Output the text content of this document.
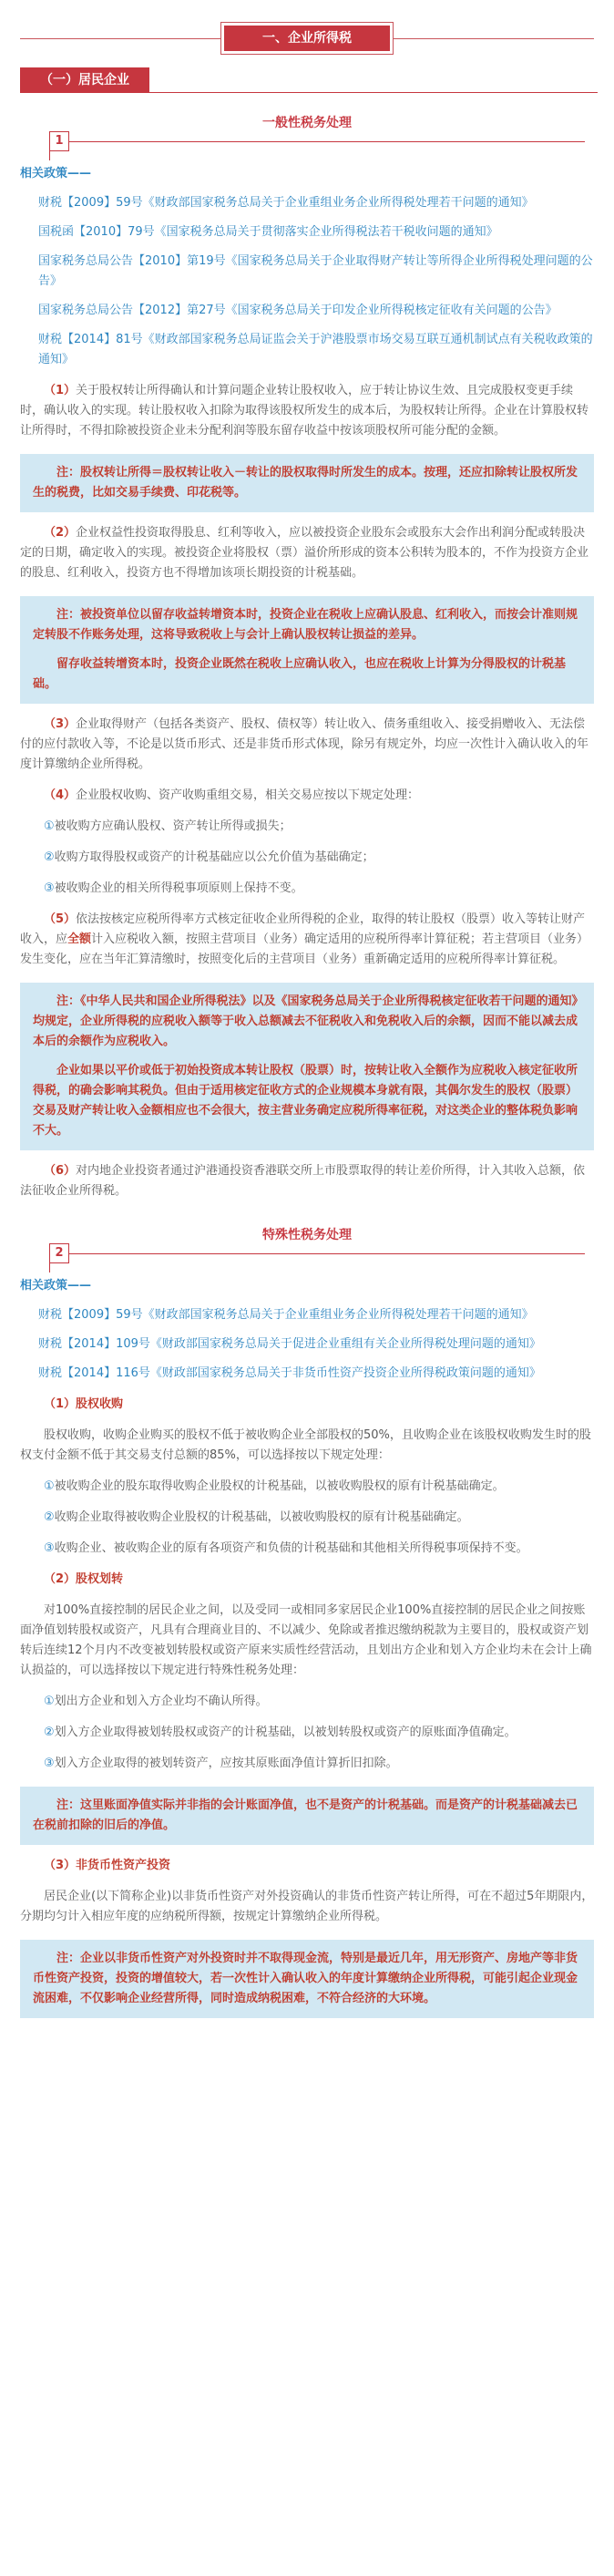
一、企业所得税
（一）居民企业
一般性税务处理
1
相关政策——
财税【2009】59号《财政部国家税务总局关于企业重组业务企业所得税处理若干问题的通知》
国税函【2010】79号《国家税务总局关于贯彻落实企业所得税法若干税收问题的通知》
国家税务总局公告【2010】第19号《国家税务总局关于企业取得财产转让等所得企业所得税处理问题的公告》
国家税务总局公告【2012】第27号《国家税务总局关于印发企业所得税核定征收有关问题的公告》
财税【2014】81号《财政部国家税务总局证监会关于沪港股票市场交易互联互通机制试点有关税收政策的通知》

（1）关于股权转让所得确认和计算问题企业转让股权收入，应于转让协议生效、且完成股权变更手续时，确认收入的实现。转让股权收入扣除为取得该股权所发生的成本后，为股权转让所得。企业在计算股权转让所得时，不得扣除被投资企业未分配利润等股东留存收益中按该项股权所可能分配的金额。

注：股权转让所得＝股权转让收入－转让的股权取得时所发生的成本。按理，还应扣除转让股权所发生的税费，比如交易手续费、印花税等。

（2）企业权益性投资取得股息、红利等收入，应以被投资企业股东会或股东大会作出利润分配或转股决定的日期，确定收入的实现。被投资企业将股权（票）溢价所形成的资本公积转为股本的，不作为投资方企业的股息、红利收入，投资方也不得增加该项长期投资的计税基础。

注：被投资单位以留存收益转增资本时，投资企业在税收上应确认股息、红利收入，而按会计准则规定转股不作账务处理，这将导致税收上与会计上确认股权转让损益的差异。

留存收益转增资本时，投资企业既然在税收上应确认收入，也应在税收上计算为分得股权的计税基础。

（3）企业取得财产（包括各类资产、股权、债权等）转让收入、债务重组收入、接受捐赠收入、无法偿付的应付款收入等，不论是以货币形式、还是非货币形式体现，除另有规定外，均应一次性计入确认收入的年度计算缴纳企业所得税。

（4）企业股权收购、资产收购重组交易，相关交易应按以下规定处理：

①被收购方应确认股权、资产转让所得或损失；

②收购方取得股权或资产的计税基础应以公允价值为基础确定；

③被收购企业的相关所得税事项原则上保持不变。

（5）依法按核定应税所得率方式核定征收企业所得税的企业，取得的转让股权（股票）收入等转让财产收入，应全额计入应税收入额，按照主营项目（业务）确定适用的应税所得率计算征税；若主营项目（业务）发生变化，应在当年汇算清缴时，按照变化后的主营项目（业务）重新确定适用的应税所得率计算征税。

注：《中华人民共和国企业所得税法》以及《国家税务总局关于企业所得税核定征收若干问题的通知》均规定，企业所得税的应税收入额等于收入总额减去不征税收入和免税收入后的余额，因而不能以减去成本后的余额作为应税收入。

企业如果以平价或低于初始投资成本转让股权（股票）时，按转让收入全额作为应税收入核定征收所得税，的确会影响其税负。但由于适用核定征收方式的企业规模本身就有限，其偶尔发生的股权（股票）交易及财产转让收入金额相应也不会很大，按主营业务确定应税所得率征税，对这类企业的整体税负影响不大。

（6）对内地企业投资者通过沪港通投资香港联交所上市股票取得的转让差价所得，计入其收入总额，依法征收企业所得税。

特殊性税务处理
2
相关政策——
财税【2009】59号《财政部国家税务总局关于企业重组业务企业所得税处理若干问题的通知》
财税【2014】109号《财政部国家税务总局关于促进企业重组有关企业所得税处理问题的通知》
财税【2014】116号《财政部国家税务总局关于非货币性资产投资企业所得税政策问题的通知》

（1）股权收购

股权收购，收购企业购买的股权不低于被收购企业全部股权的50%，且收购企业在该股权收购发生时的股权支付金额不低于其交易支付总额的85%，可以选择按以下规定处理：

①被收购企业的股东取得收购企业股权的计税基础，以被收购股权的原有计税基础确定。

②收购企业取得被收购企业股权的计税基础，以被收购股权的原有计税基础确定。

③收购企业、被收购企业的原有各项资产和负债的计税基础和其他相关所得税事项保持不变。

（2）股权划转

对100%直接控制的居民企业之间，以及受同一或相同多家居民企业100%直接控制的居民企业之间按账面净值划转股权或资产，凡具有合理商业目的、不以减少、免除或者推迟缴纳税款为主要目的，股权或资产划转后连续12个月内不改变被划转股权或资产原来实质性经营活动，且划出方企业和划入方企业均未在会计上确认损益的，可以选择按以下规定进行特殊性税务处理：

①划出方企业和划入方企业均不确认所得。

②划入方企业取得被划转股权或资产的计税基础，以被划转股权或资产的原账面净值确定。

③划入方企业取得的被划转资产，应按其原账面净值计算折旧扣除。

注：这里账面净值实际并非指的会计账面净值，也不是资产的计税基础。而是资产的计税基础减去已在税前扣除的旧后的净值。

（3）非货币性资产投资

居民企业(以下简称企业)以非货币性资产对外投资确认的非货币性资产转让所得，可在不超过5年期限内，分期均匀计入相应年度的应纳税所得额，按规定计算缴纳企业所得税。

注：企业以非货币性资产对外投资时并不取得现金流，特别是最近几年，用无形资产、房地产等非货币性资产投资，投资的增值较大，若一次性计入确认收入的年度计算缴纳企业所得税，可能引起企业现金流困难，不仅影响企业经营所得，同时造成纳税困难，不符合经济的大环境。
